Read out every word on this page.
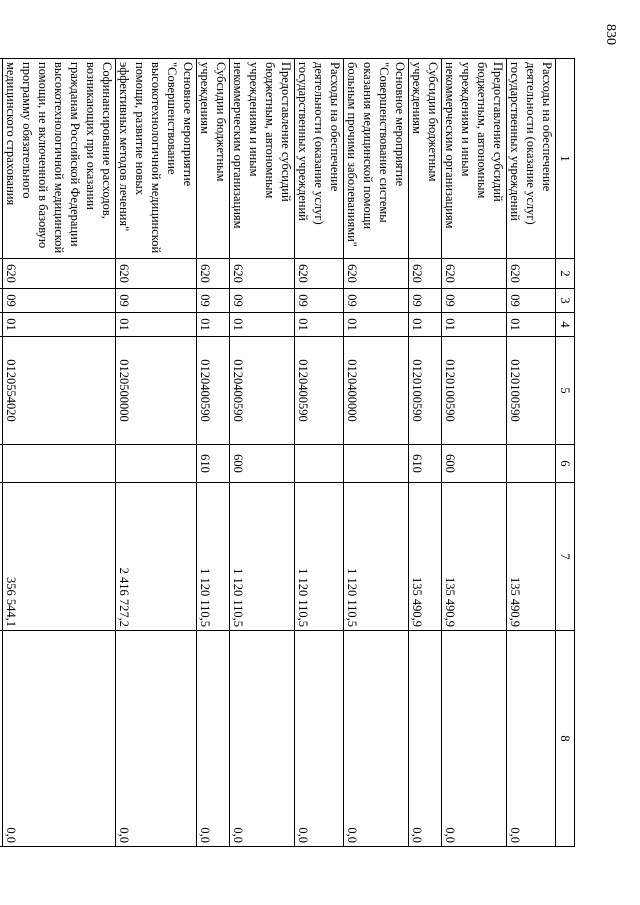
830
1	2	3	4	5	6	7	8
Расходы на обеспечение деятельности (оказание услуг) государственных учреждений	620	09	01	0120100590		135 490,9	0,0
Предоставление субсидий бюджетным, автономным учреждениям и иным некоммерческим организациям	620	09	01	0120100590	600	135 490,9	0,0
Субсидии бюджетным учреждениям	620	09	01	0120100590	610	135 490,9	0,0
Основное мероприятие "Совершенствование системы оказания медицинской помощи больным прочими заболеваниями"	620	09	01	0120400000		1 120 110,5	0,0
Расходы на обеспечение деятельности (оказание услуг) государственных учреждений	620	09	01	0120400590		1 120 110,5	0,0
Предоставление субсидий бюджетным, автономным учреждениям и иным некоммерческим организациям	620	09	01	0120400590	600	1 120 110,5	0,0
Субсидии бюджетным учреждениям	620	09	01	0120400590	610	1 120 110,5	0,0
Основное мероприятие "Совершенствование высокотехнологичной медицинской помощи, развитие новых эффективных методов лечения"	620	09	01	0120500000		2 416 727,2	0,0
Софинансирование расходов, возникающих при оказании гражданам Российской Федерации высокотехнологичной медицинской помощи, не включенной в базовую программу обязательного медицинского страхования	620	09	01	0120554020		356 544,1	0,0
